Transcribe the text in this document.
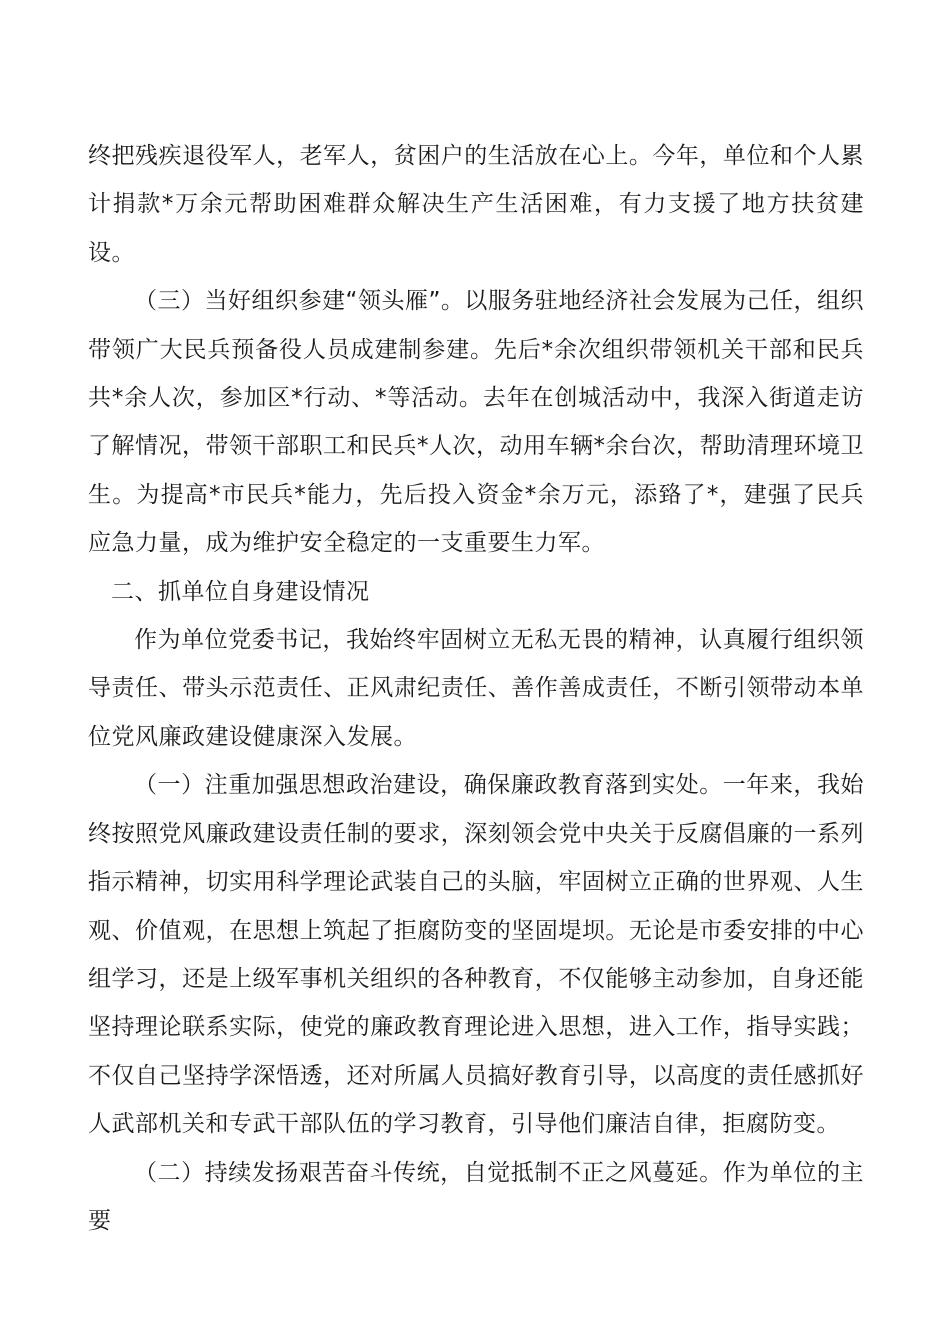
终把残疾退役军人，老军人，贫困户的生活放在心上。今年，单位和个人累计捐款*万余元帮助困难群众解决生产生活困难，有力支援了地方扶贫建设。

（三）当好组织参建“领头雁”。以服务驻地经济社会发展为己任，组织带领广大民兵预备役人员成建制参建。先后*余次组织带领机关干部和民兵共*余人次，参加区*行动、*等活动。去年在创城活动中，我深入街道走访了解情况，带领干部职工和民兵*人次，动用车辆*余台次，帮助清理环境卫生。为提高*市民兵*能力，先后投入资金*余万元，添臵了*，建强了民兵应急力量，成为维护安全稳定的一支重要生力军。

二、抓单位自身建设情况

作为单位党委书记，我始终牢固树立无私无畏的精神，认真履行组织领导责任、带头示范责任、正风肃纪责任、善作善成责任，不断引领带动本单位党风廉政建设健康深入发展。

（一）注重加强思想政治建设，确保廉政教育落到实处。一年来，我始终按照党风廉政建设责任制的要求，深刻领会党中央关于反腐倡廉的一系列指示精神，切实用科学理论武装自己的头脑，牢固树立正确的世界观、人生观、价值观，在思想上筑起了拒腐防变的坚固堤坝。无论是市委安排的中心组学习，还是上级军事机关组织的各种教育，不仅能够主动参加，自身还能坚持理论联系实际，使党的廉政教育理论进入思想，进入工作，指导实践；不仅自己坚持学深悟透，还对所属人员搞好教育引导，以高度的责任感抓好人武部机关和专武干部队伍的学习教育，引导他们廉洁自律，拒腐防变。

（二）持续发扬艰苦奋斗传统，自觉抵制不正之风蔓延。作为单位的主要
